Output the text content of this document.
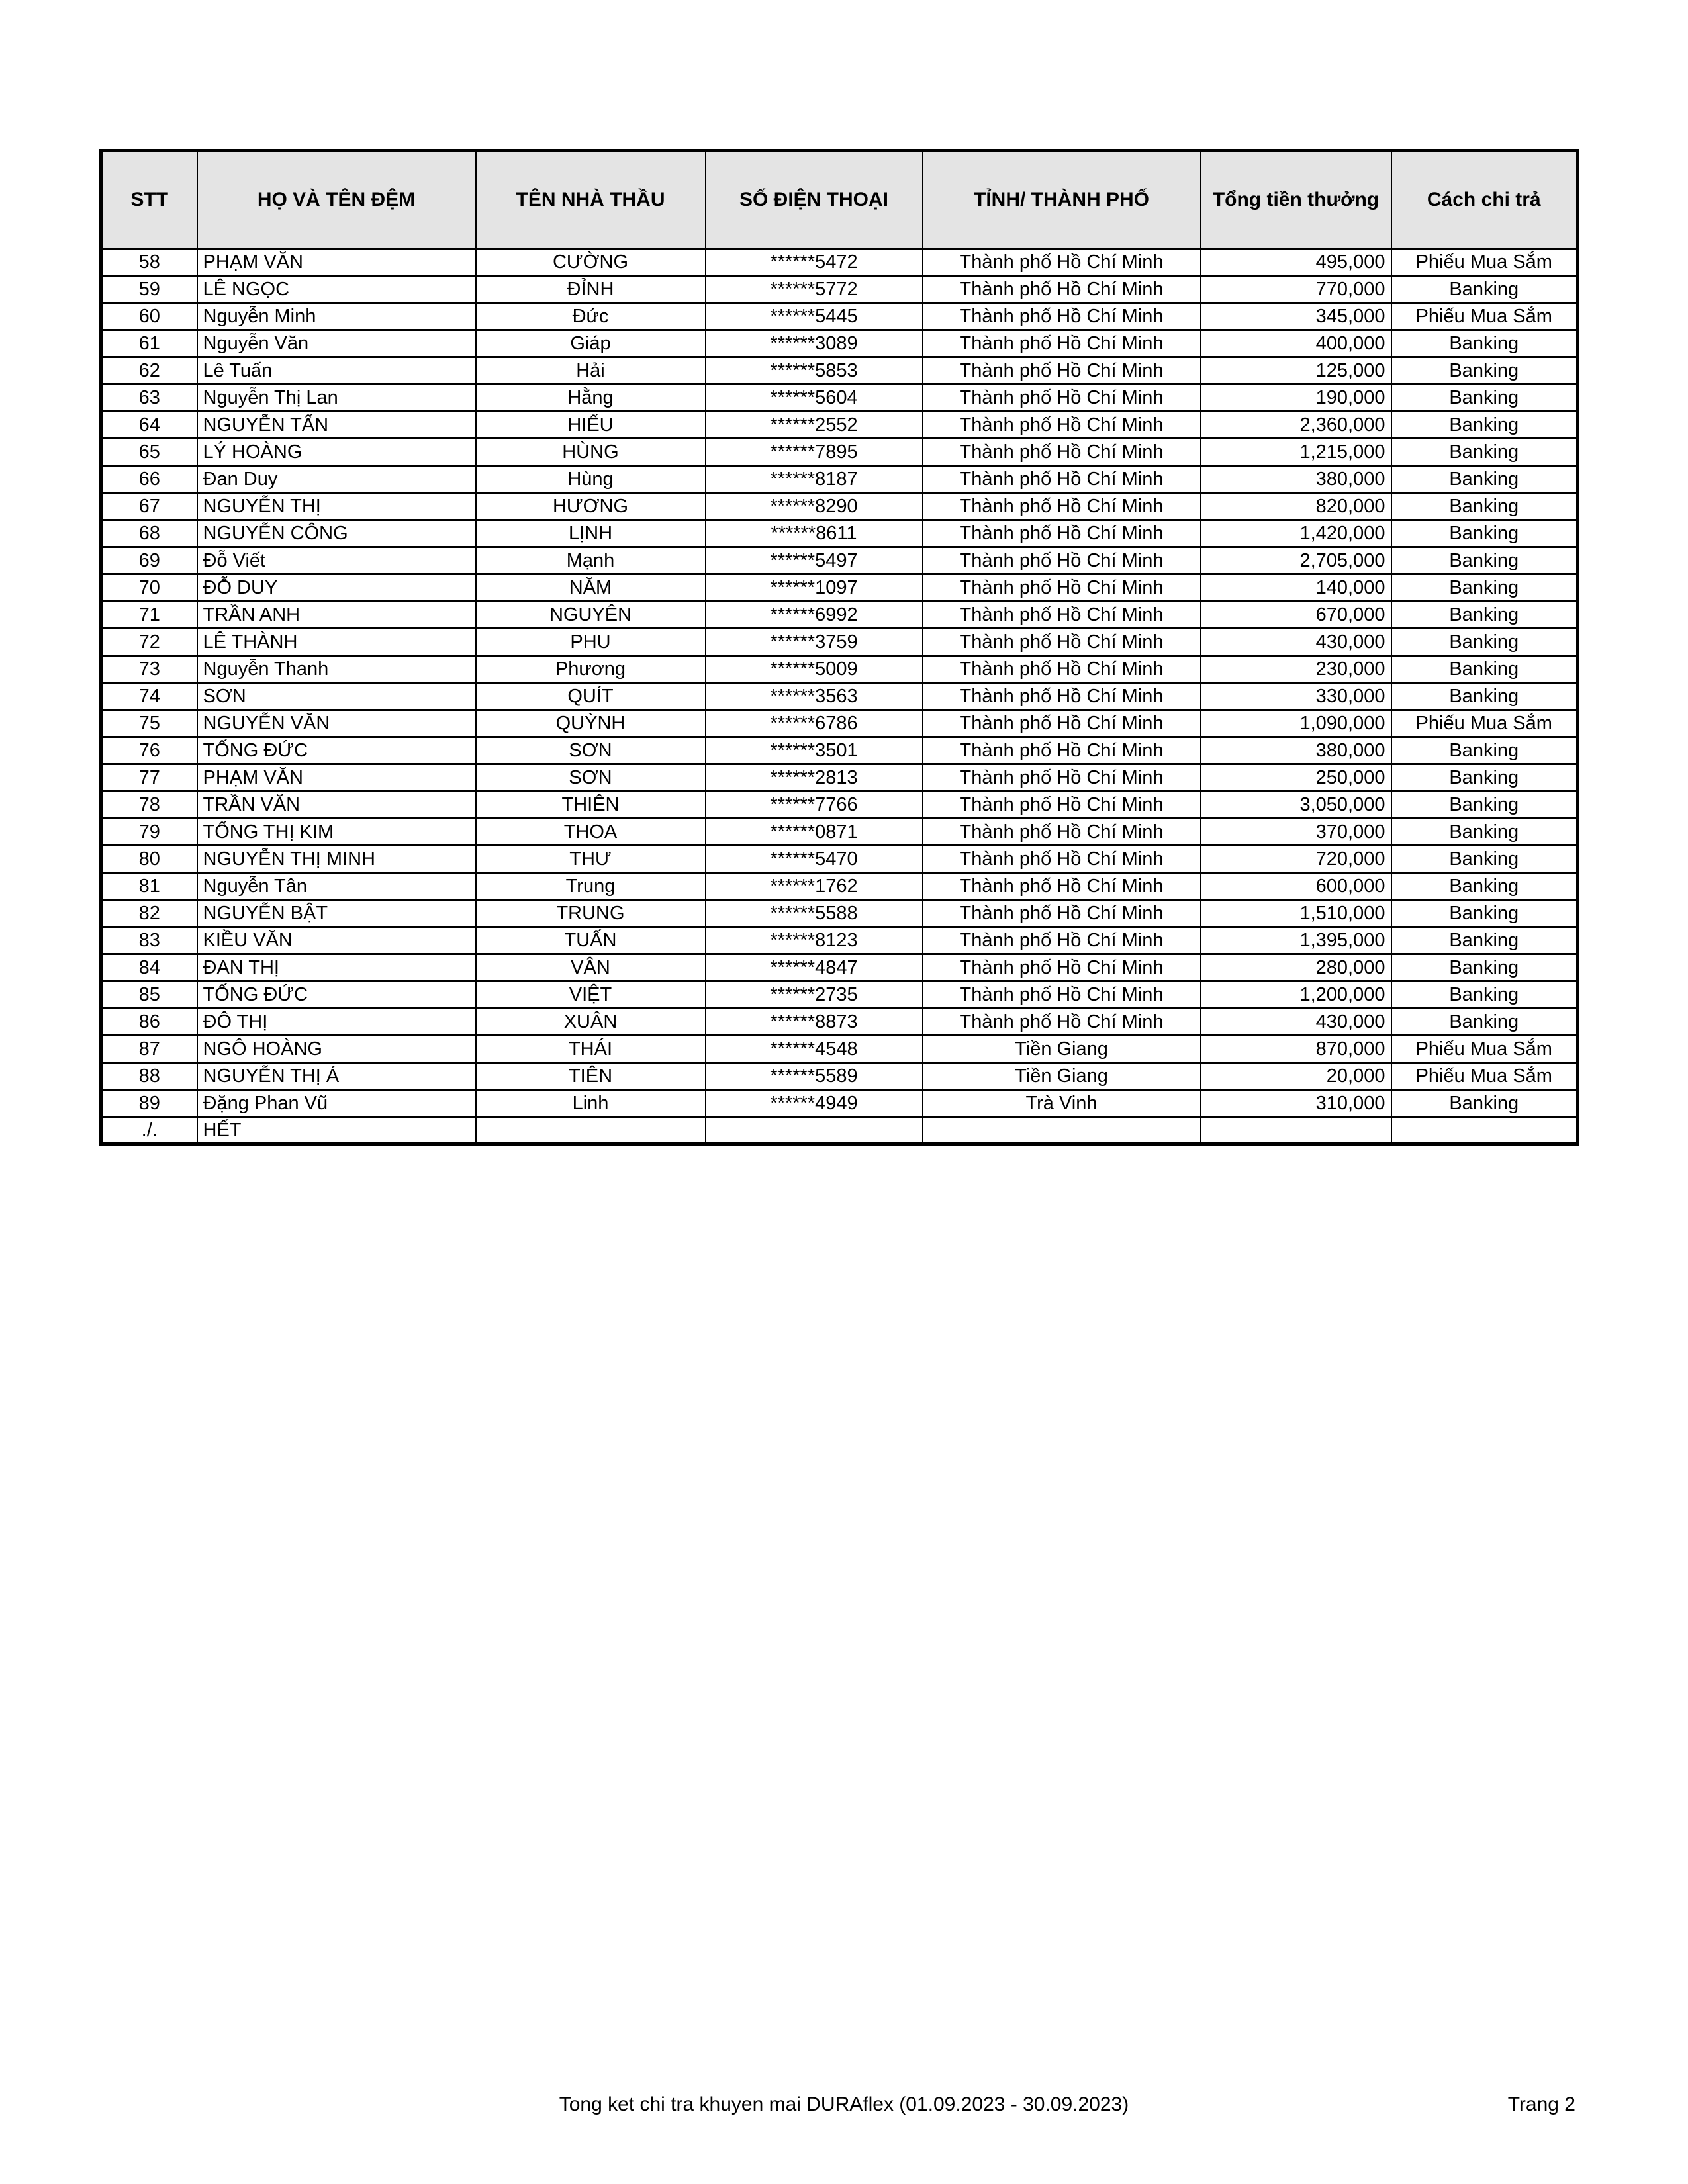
STT	HỌ VÀ TÊN ĐỆM	TÊN NHÀ THẦU	SỐ ĐIỆN THOẠI	TỈNH/ THÀNH PHỐ	Tổng tiền thưởng	Cách chi trả
58	PHẠM VĂN	CƯỜNG	******5472	Thành phố Hồ Chí Minh	495,000	Phiếu Mua Sắm
59	LÊ NGỌC	ĐỈNH	******5772	Thành phố Hồ Chí Minh	770,000	Banking
60	Nguyễn Minh	Đức	******5445	Thành phố Hồ Chí Minh	345,000	Phiếu Mua Sắm
61	Nguyễn Văn	Giáp	******3089	Thành phố Hồ Chí Minh	400,000	Banking
62	Lê Tuấn	Hải	******5853	Thành phố Hồ Chí Minh	125,000	Banking
63	Nguyễn Thị Lan	Hằng	******5604	Thành phố Hồ Chí Minh	190,000	Banking
64	NGUYỄN TẤN	HIẾU	******2552	Thành phố Hồ Chí Minh	2,360,000	Banking
65	LÝ HOÀNG	HÙNG	******7895	Thành phố Hồ Chí Minh	1,215,000	Banking
66	Đan Duy	Hùng	******8187	Thành phố Hồ Chí Minh	380,000	Banking
67	NGUYỄN THỊ	HƯƠNG	******8290	Thành phố Hồ Chí Minh	820,000	Banking
68	NGUYỄN CÔNG	LỊNH	******8611	Thành phố Hồ Chí Minh	1,420,000	Banking
69	Đỗ Viết	Mạnh	******5497	Thành phố Hồ Chí Minh	2,705,000	Banking
70	ĐỖ DUY	NĂM	******1097	Thành phố Hồ Chí Minh	140,000	Banking
71	TRẦN ANH	NGUYÊN	******6992	Thành phố Hồ Chí Minh	670,000	Banking
72	LÊ THÀNH	PHU	******3759	Thành phố Hồ Chí Minh	430,000	Banking
73	Nguyễn Thanh	Phương	******5009	Thành phố Hồ Chí Minh	230,000	Banking
74	SƠN	QUÍT	******3563	Thành phố Hồ Chí Minh	330,000	Banking
75	NGUYỄN VĂN	QUỲNH	******6786	Thành phố Hồ Chí Minh	1,090,000	Phiếu Mua Sắm
76	TỐNG ĐỨC	SƠN	******3501	Thành phố Hồ Chí Minh	380,000	Banking
77	PHẠM VĂN	SƠN	******2813	Thành phố Hồ Chí Minh	250,000	Banking
78	TRẦN VĂN	THIÊN	******7766	Thành phố Hồ Chí Minh	3,050,000	Banking
79	TỐNG THỊ KIM	THOA	******0871	Thành phố Hồ Chí Minh	370,000	Banking
80	NGUYỄN THỊ MINH	THƯ	******5470	Thành phố Hồ Chí Minh	720,000	Banking
81	Nguyễn Tân	Trung	******1762	Thành phố Hồ Chí Minh	600,000	Banking
82	NGUYỄN BẬT	TRUNG	******5588	Thành phố Hồ Chí Minh	1,510,000	Banking
83	KIỀU VĂN	TUẤN	******8123	Thành phố Hồ Chí Minh	1,395,000	Banking
84	ĐAN THỊ	VÂN	******4847	Thành phố Hồ Chí Minh	280,000	Banking
85	TỐNG ĐỨC	VIỆT	******2735	Thành phố Hồ Chí Minh	1,200,000	Banking
86	ĐÔ THỊ	XUÂN	******8873	Thành phố Hồ Chí Minh	430,000	Banking
87	NGÔ HOÀNG	THÁI	******4548	Tiền Giang	870,000	Phiếu Mua Sắm
88	NGUYỄN THỊ Á	TIÊN	******5589	Tiền Giang	20,000	Phiếu Mua Sắm
89	Đặng Phan Vũ	Linh	******4949	Trà Vinh	310,000	Banking
./.	HẾT					
Tong ket chi tra khuyen mai DURAflex (01.09.2023 - 30.09.2023)	Trang 2
